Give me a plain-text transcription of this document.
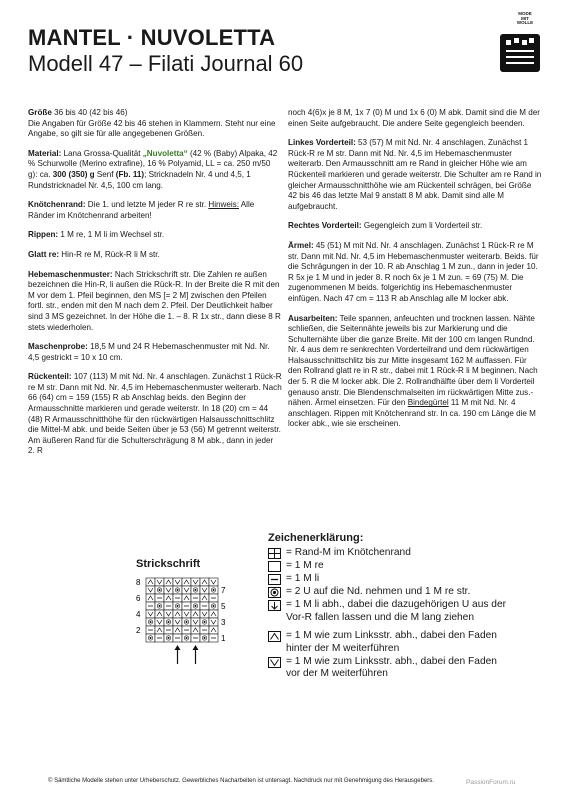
MANTEL · NUVOLETTA
Modell 47 – Filati Journal 60
MODE
MIT
WOLLE

Größe 36 bis 40 (42 bis 46)
Die Angaben für Größe 42 bis 46 stehen in Klammern. Steht nur eine Angabe, so gilt sie für alle angegebenen Größen.

Material: Lana Grossa-Qualität „Nuvoletta“ (42 % (Baby) Alpaka, 42 % Schurwolle (Merino extrafine), 16 % Polyamid, LL = ca. 250 m/50 g): ca. 300 (350) g Senf (Fb. 11); Stricknadeln Nr. 4 und 4,5, 1 Rundstricknadel Nr. 4,5, 100 cm lang.

Knötchenrand: Die 1. und letzte M jeder R re str. Hinweis: Alle Ränder im Knötchenrand arbeiten!

Rippen: 1 M re, 1 M li im Wechsel str.

Glatt re: Hin-R re M, Rück-R li M str.

Hebemaschenmuster: Nach Strickschrift str. Die Zahlen re außen bezeichnen die Hin-R, li außen die Rück-R. In der Breite die R mit den M vor dem 1. Pfeil beginnen, den MS [= 2 M] zwischen den Pfeilen fortl. str., enden mit den M nach dem 2. Pfeil. Der Deutlichkeit halber sind 3 MS gezeichnet. In der Höhe die 1. – 8. R 1x str., dann diese 8 R stets wiederholen.

Maschenprobe: 18,5 M und 24 R Hebemaschenmuster mit Nd. Nr. 4,5 gestrickt = 10 x 10 cm.

Rückenteil: 107 (113) M mit Nd. Nr. 4 anschlagen. Zunächst 1 Rück-R re M str. Dann mit Nd. Nr. 4,5 im Hebemaschenmuster weiterarb. Nach 66 (64) cm = 159 (155) R ab Anschlag beids. den Beginn der Armausschnitte markieren und gerade weiterstr. In 18 (20) cm = 44 (48) R Armausschnitthöhe für den rückwärtigen Halsausschnittschlitz die Mittel-M abk. und beide Seiten über je 53 (56) M getrennt weiterstr. Am äußeren Rand für die Schulterschrägung 8 M abk., dann in jeder 2. R

noch 4(6)x je 8 M, 1x 7 (0) M und 1x 6 (0) M abk. Damit sind die M der einen Seite aufgebraucht. Die andere Seite gegengleich beenden.

Linkes Vorderteil: 53 (57) M mit Nd. Nr. 4 anschlagen. Zunächst 1 Rück-R re M str. Dann mit Nd. Nr. 4,5 im Hebemaschenmuster weiterarb. Den Armausschnitt am re Rand in gleicher Höhe wie am Rückenteil markieren und gerade weiterstr. Die Schulter am re Rand in gleicher Armausschnitthöhe wie am Rückenteil schrägen, bei Größe 42 bis 46 das letzte Mal 9 anstatt 8 M abk. Damit sind alle M aufgebraucht.

Rechtes Vorderteil: Gegengleich zum li Vorderteil str.

Ärmel: 45 (51) M mit Nd. Nr. 4 anschlagen. Zunächst 1 Rück-R re M str. Dann mit Nd. Nr. 4,5 im Hebemaschenmuster weiterarb. Beids. für die Schrägungen in der 10. R ab Anschlag 1 M zun., dann in jeder 10. R 5x je 1 M und in jeder 8. R noch 6x je 1 M zun. = 69 (75) M. Die zugenommenen M beids. folgerichtig ins Hebemaschenmuster einfügen. Nach 47 cm = 113 R ab Anschlag alle M locker abk.

Ausarbeiten: Teile spannen, anfeuchten und trocknen lassen. Nähte schließen, die Seitennähte jeweils bis zur Markierung und die Schulternähte über die ganze Breite. Mit der 100 cm langen Rundnd. Nr. 4 aus dem re senkrechten Vorderteilrand und dem rückwärtigen Halsausschnittschlitz bis zur Mitte insgesamt 162 M auffassen. Für den Rollrand glatt re in R str., dabei mit 1 Rück-R li M beginnen. Nach der 5. R die M locker abk. Die 2. Rollrandhälfte über dem li Vorderteil genauso anstr. Die Blendenschmalseiten im rückwärtigen Mitte zus.-nähen. Ärmel einsetzen. Für den Bindegürtel 11 M mit Nd. Nr. 4 anschlagen. Rippen mit Knötchenrand str. In ca. 190 cm Länge die M locker abk., wie sie erscheinen.

Strickschrift
8
6
4
2
7
5
3
1
Zeichenerklärung:
= Rand-M im Knötchenrand
= 1 M re
= 1 M li
= 2 U auf die Nd. nehmen und 1 M re str.
= 1 M li abh., dabei die dazugehörigen U aus der Vor-R fallen lassen und die M lang ziehen
= 1 M wie zum Linksstr. abh., dabei den Faden hinter der M weiterführen
= 1 M wie zum Linksstr. abh., dabei den Faden vor der M weiterführen
© Sämtliche Modelle stehen unter Urheberschutz. Gewerbliches Nacharbeiten ist untersagt. Nachdruck nur mit Genehmigung des Herausgebers.	PassionForum.ru
